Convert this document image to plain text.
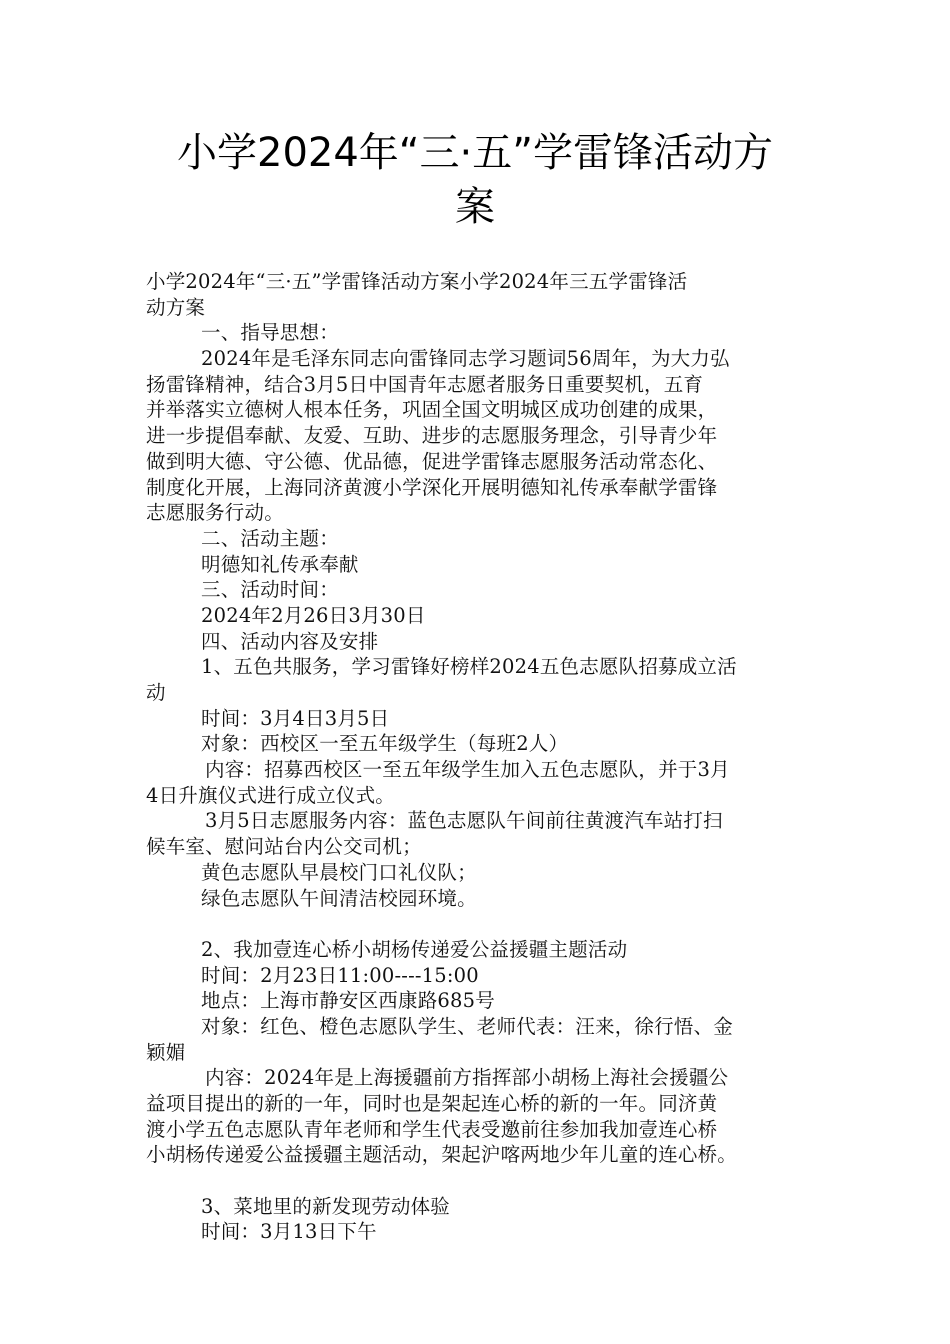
小学2024年“三·五”学雷锋活动方
案
小学2024年“三·五”学雷锋活动方案小学2024年三五学雷锋活
动方案
一、指导思想：
2024年是毛泽东同志向雷锋同志学习题词56周年，为大力弘
扬雷锋精神，结合3月5日中国青年志愿者服务日重要契机，五育
并举落实立德树人根本任务，巩固全国文明城区成功创建的成果，
进一步提倡奉献、友爱、互助、进步的志愿服务理念，引导青少年
做到明大德、守公德、优品德，促进学雷锋志愿服务活动常态化、
制度化开展，上海同济黄渡小学深化开展明德知礼传承奉献学雷锋
志愿服务行动。
二、活动主题：
明德知礼传承奉献
三、活动时间：
2024年2月26日3月30日
四、活动内容及安排
1、五色共服务，学习雷锋好榜样2024五色志愿队招募成立活
动
时间：3月4日3月5日
对象：西校区一至五年级学生（每班2人）
内容：招募西校区一至五年级学生加入五色志愿队，并于3月
4日升旗仪式进行成立仪式。
3月5日志愿服务内容：蓝色志愿队午间前往黄渡汽车站打扫
候车室、慰问站台内公交司机；
黄色志愿队早晨校门口礼仪队；
绿色志愿队午间清洁校园环境。
2、我加壹连心桥小胡杨传递爱公益援疆主题活动
时间：2月23日11:00----15:00
地点：上海市静安区西康路685号
对象：红色、橙色志愿队学生、老师代表：汪来，徐行悟、金
颖媚
内容：2024年是上海援疆前方指挥部小胡杨上海社会援疆公
益项目提出的新的一年，同时也是架起连心桥的新的一年。同济黄
渡小学五色志愿队青年老师和学生代表受邀前往参加我加壹连心桥
小胡杨传递爱公益援疆主题活动，架起沪喀两地少年儿童的连心桥。
3、菜地里的新发现劳动体验
时间：3月13日下午
